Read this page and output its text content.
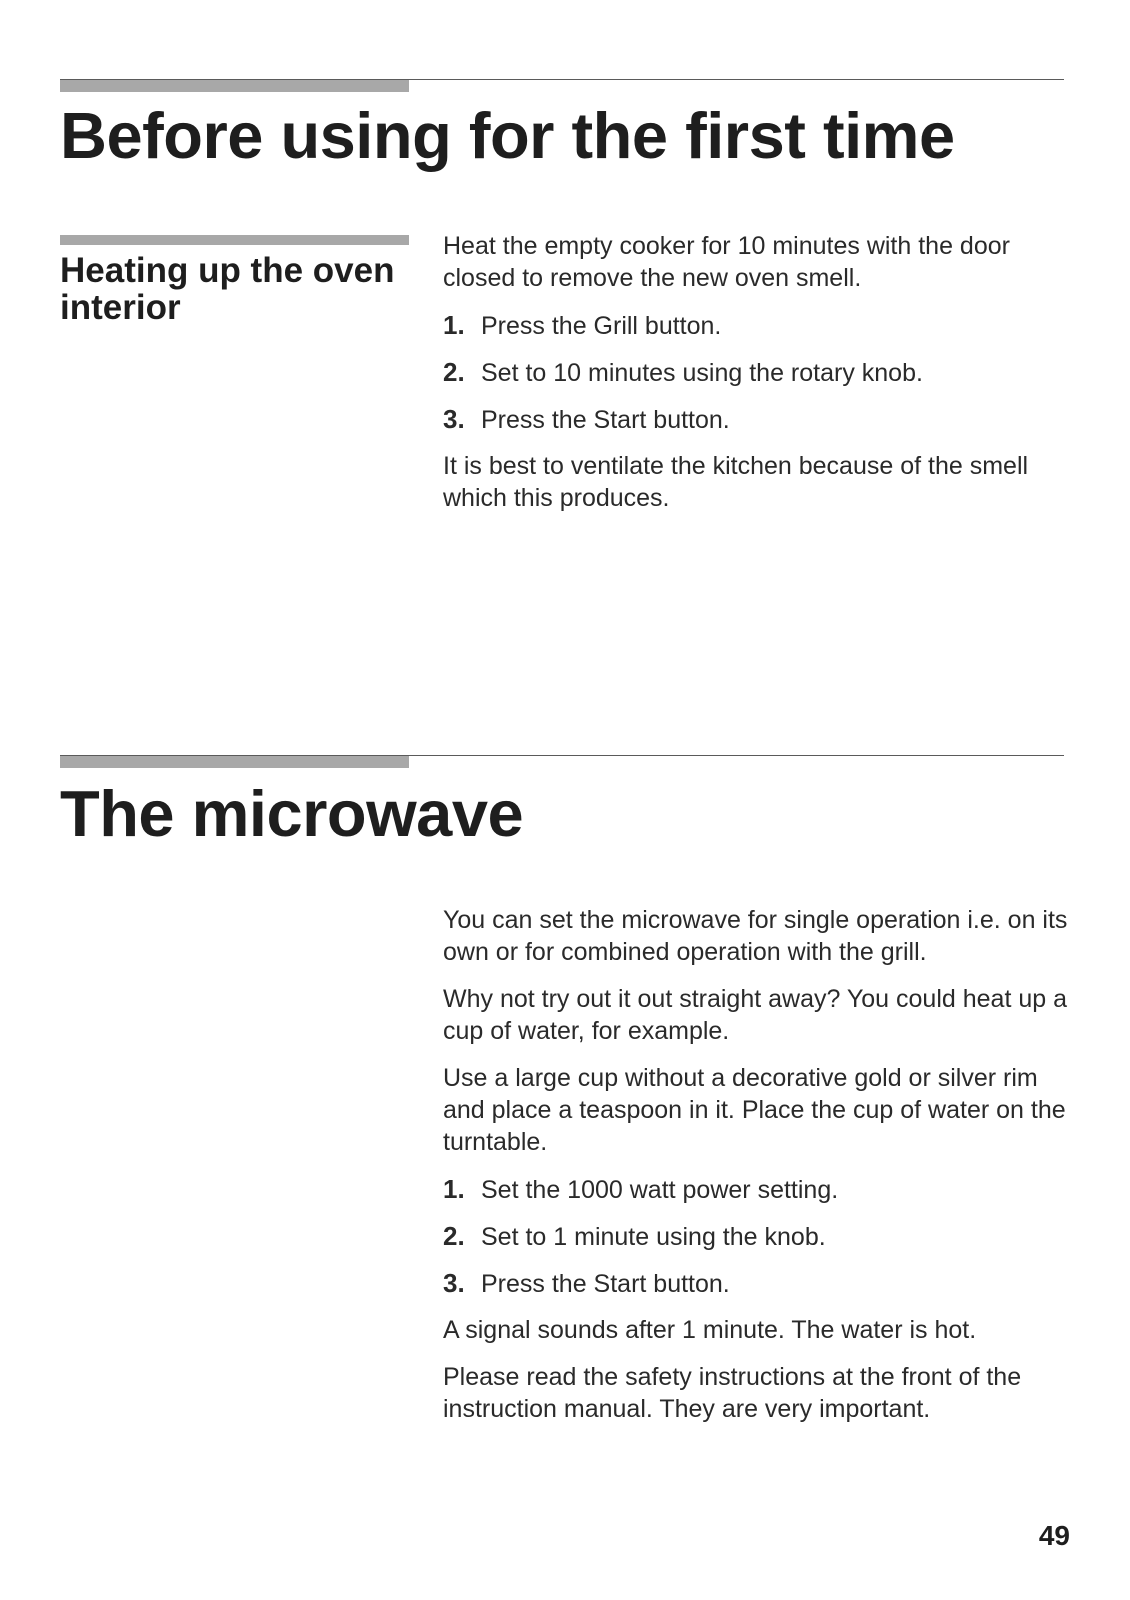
Before using for the first time
Heating up the oven interior

Heat the empty cooker for 10 minutes with the door closed to remove the new oven smell.

1. Press the Grill button.
2. Set to 10 minutes using the rotary knob.
3. Press the Start button.

It is best to ventilate the kitchen because of the smell which this produces.

The microwave

You can set the microwave for single operation i.e. on its own or for combined operation with the grill.

Why not try out it out straight away? You could heat up a cup of water, for example.

Use a large cup without a decorative gold or silver rim and place a teaspoon in it. Place the cup of water on the turntable.

1. Set the 1000 watt power setting.
2. Set to 1 minute using the knob.
3. Press the Start button.

A signal sounds after 1 minute. The water is hot.

Please read the safety instructions at the front of the instruction manual. They are very important.

49
